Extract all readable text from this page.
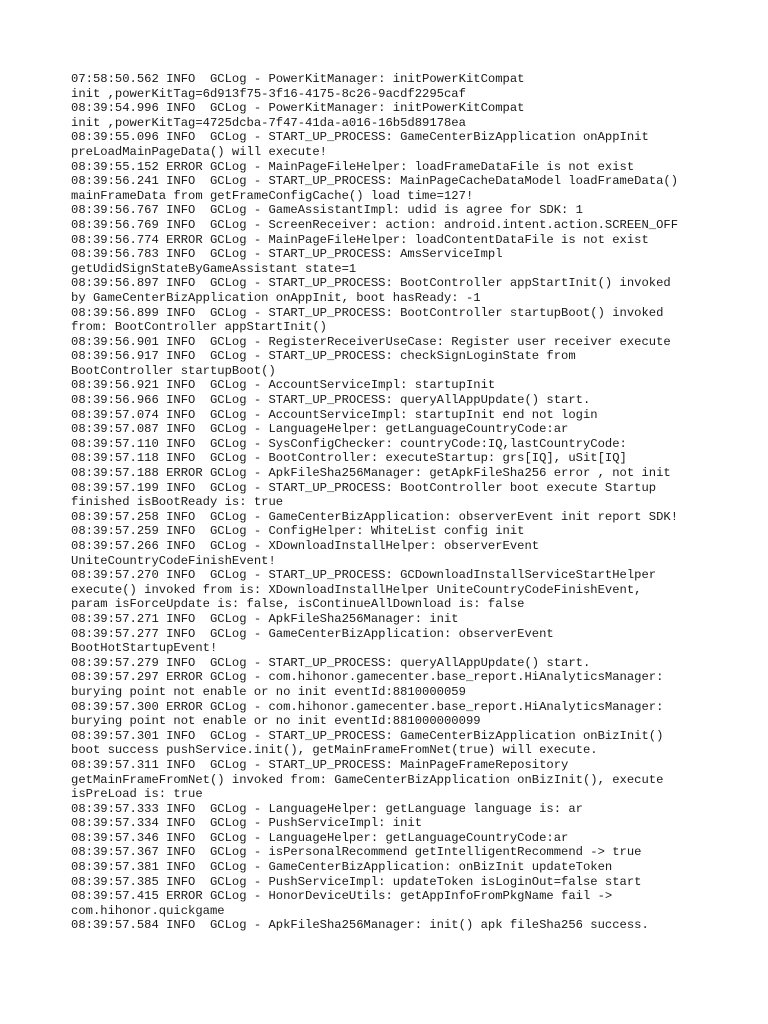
07:58:50.562 INFO  GCLog - PowerKitManager: initPowerKitCompat
init ,powerKitTag=6d913f75-3f16-4175-8c26-9acdf2295caf
08:39:54.996 INFO  GCLog - PowerKitManager: initPowerKitCompat
init ,powerKitTag=4725dcba-7f47-41da-a016-16b5d89178ea
08:39:55.096 INFO  GCLog - START_UP_PROCESS: GameCenterBizApplication onAppInit
preLoadMainPageData() will execute!
08:39:55.152 ERROR GCLog - MainPageFileHelper: loadFrameDataFile is not exist
08:39:56.241 INFO  GCLog - START_UP_PROCESS: MainPageCacheDataModel loadFrameData()
mainFrameData from getFrameConfigCache() load time=127!
08:39:56.767 INFO  GCLog - GameAssistantImpl: udid is agree for SDK: 1
08:39:56.769 INFO  GCLog - ScreenReceiver: action: android.intent.action.SCREEN_OFF
08:39:56.774 ERROR GCLog - MainPageFileHelper: loadContentDataFile is not exist
08:39:56.783 INFO  GCLog - START_UP_PROCESS: AmsServiceImpl
getUdidSignStateByGameAssistant state=1
08:39:56.897 INFO  GCLog - START_UP_PROCESS: BootController appStartInit() invoked
by GameCenterBizApplication onAppInit, boot hasReady: -1
08:39:56.899 INFO  GCLog - START_UP_PROCESS: BootController startupBoot() invoked
from: BootController appStartInit()
08:39:56.901 INFO  GCLog - RegisterReceiverUseCase: Register user receiver execute
08:39:56.917 INFO  GCLog - START_UP_PROCESS: checkSignLoginState from
BootController startupBoot()
08:39:56.921 INFO  GCLog - AccountServiceImpl: startupInit
08:39:56.966 INFO  GCLog - START_UP_PROCESS: queryAllAppUpdate() start.
08:39:57.074 INFO  GCLog - AccountServiceImpl: startupInit end not login
08:39:57.087 INFO  GCLog - LanguageHelper: getLanguageCountryCode:ar
08:39:57.110 INFO  GCLog - SysConfigChecker: countryCode:IQ,lastCountryCode:
08:39:57.118 INFO  GCLog - BootController: executeStartup: grs[IQ], uSit[IQ]
08:39:57.188 ERROR GCLog - ApkFileSha256Manager: getApkFileSha256 error , not init
08:39:57.199 INFO  GCLog - START_UP_PROCESS: BootController boot execute Startup
finished isBootReady is: true
08:39:57.258 INFO  GCLog - GameCenterBizApplication: observerEvent init report SDK!
08:39:57.259 INFO  GCLog - ConfigHelper: WhiteList config init
08:39:57.266 INFO  GCLog - XDownloadInstallHelper: observerEvent
UniteCountryCodeFinishEvent!
08:39:57.270 INFO  GCLog - START_UP_PROCESS: GCDownloadInstallServiceStartHelper
execute() invoked from is: XDownloadInstallHelper UniteCountryCodeFinishEvent,
param isForceUpdate is: false, isContinueAllDownload is: false
08:39:57.271 INFO  GCLog - ApkFileSha256Manager: init
08:39:57.277 INFO  GCLog - GameCenterBizApplication: observerEvent
BootHotStartupEvent!
08:39:57.279 INFO  GCLog - START_UP_PROCESS: queryAllAppUpdate() start.
08:39:57.297 ERROR GCLog - com.hihonor.gamecenter.base_report.HiAnalyticsManager:
burying point not enable or no init eventId:8810000059
08:39:57.300 ERROR GCLog - com.hihonor.gamecenter.base_report.HiAnalyticsManager:
burying point not enable or no init eventId:881000000099
08:39:57.301 INFO  GCLog - START_UP_PROCESS: GameCenterBizApplication onBizInit()
boot success pushService.init(), getMainFrameFromNet(true) will execute.
08:39:57.311 INFO  GCLog - START_UP_PROCESS: MainPageFrameRepository
getMainFrameFromNet() invoked from: GameCenterBizApplication onBizInit(), execute
isPreLoad is: true
08:39:57.333 INFO  GCLog - LanguageHelper: getLanguage language is: ar
08:39:57.334 INFO  GCLog - PushServiceImpl: init
08:39:57.346 INFO  GCLog - LanguageHelper: getLanguageCountryCode:ar
08:39:57.367 INFO  GCLog - isPersonalRecommend getIntelligentRecommend -> true
08:39:57.381 INFO  GCLog - GameCenterBizApplication: onBizInit updateToken
08:39:57.385 INFO  GCLog - PushServiceImpl: updateToken isLoginOut=false start
08:39:57.415 ERROR GCLog - HonorDeviceUtils: getAppInfoFromPkgName fail ->
com.hihonor.quickgame
08:39:57.584 INFO  GCLog - ApkFileSha256Manager: init() apk fileSha256 success.
